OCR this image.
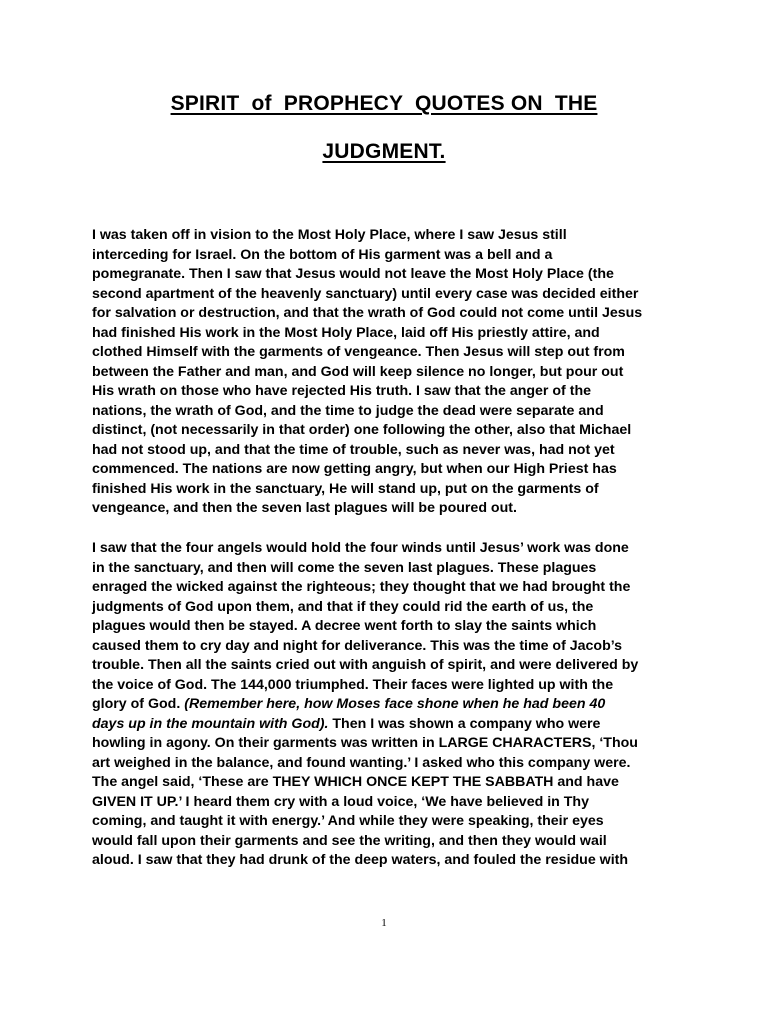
SPIRIT  of  PROPHECY  QUOTES ON  THE
JUDGMENT.
I was taken off in vision to the Most Holy Place, where I saw Jesus still
interceding for Israel. On the bottom of His garment was a bell and a
pomegranate. Then I saw that Jesus would not leave the Most Holy Place (the
second apartment of the heavenly sanctuary) until every case was decided either
for salvation or destruction, and that the wrath of God could not come until Jesus
had finished His work in the Most Holy Place, laid off His priestly attire, and
clothed Himself with the garments of vengeance. Then Jesus will step out from
between the Father and man, and God will keep silence no longer, but pour out
His wrath on those who have rejected His truth. I saw that the anger of the
nations, the wrath of God, and the time to judge the dead were separate and
distinct, (not necessarily in that order) one following the other, also that Michael
had not stood up, and that the time of trouble, such as never was, had not yet
commenced. The nations are now getting angry, but when our High Priest has
finished His work in the sanctuary, He will stand up, put on the garments of
vengeance, and then the seven last plagues will be poured out.
I saw that the four angels would hold the four winds until Jesus’ work was done
in the sanctuary, and then will come the seven last plagues. These plagues
enraged the wicked against the righteous; they thought that we had brought the
judgments of God upon them, and that if they could rid the earth of us, the
plagues would then be stayed. A decree went forth to slay the saints which
caused them to cry day and night for deliverance. This was the time of Jacob’s
trouble. Then all the saints cried out with anguish of spirit, and were delivered by
the voice of God. The 144,000 triumphed. Their faces were lighted up with the
glory of God. (Remember here, how Moses face shone when he had been 40
days up in the mountain with God). Then I was shown a company who were
howling in agony. On their garments was written in LARGE CHARACTERS, ‘Thou
art weighed in the balance, and found wanting.’ I asked who this company were.
The angel said, ‘These are THEY WHICH ONCE KEPT THE SABBATH and have
GIVEN IT UP.’ I heard them cry with a loud voice, ‘We have believed in Thy
coming, and taught it with energy.’ And while they were speaking, their eyes
would fall upon their garments and see the writing, and then they would wail
aloud. I saw that they had drunk of the deep waters, and fouled the residue with
1
